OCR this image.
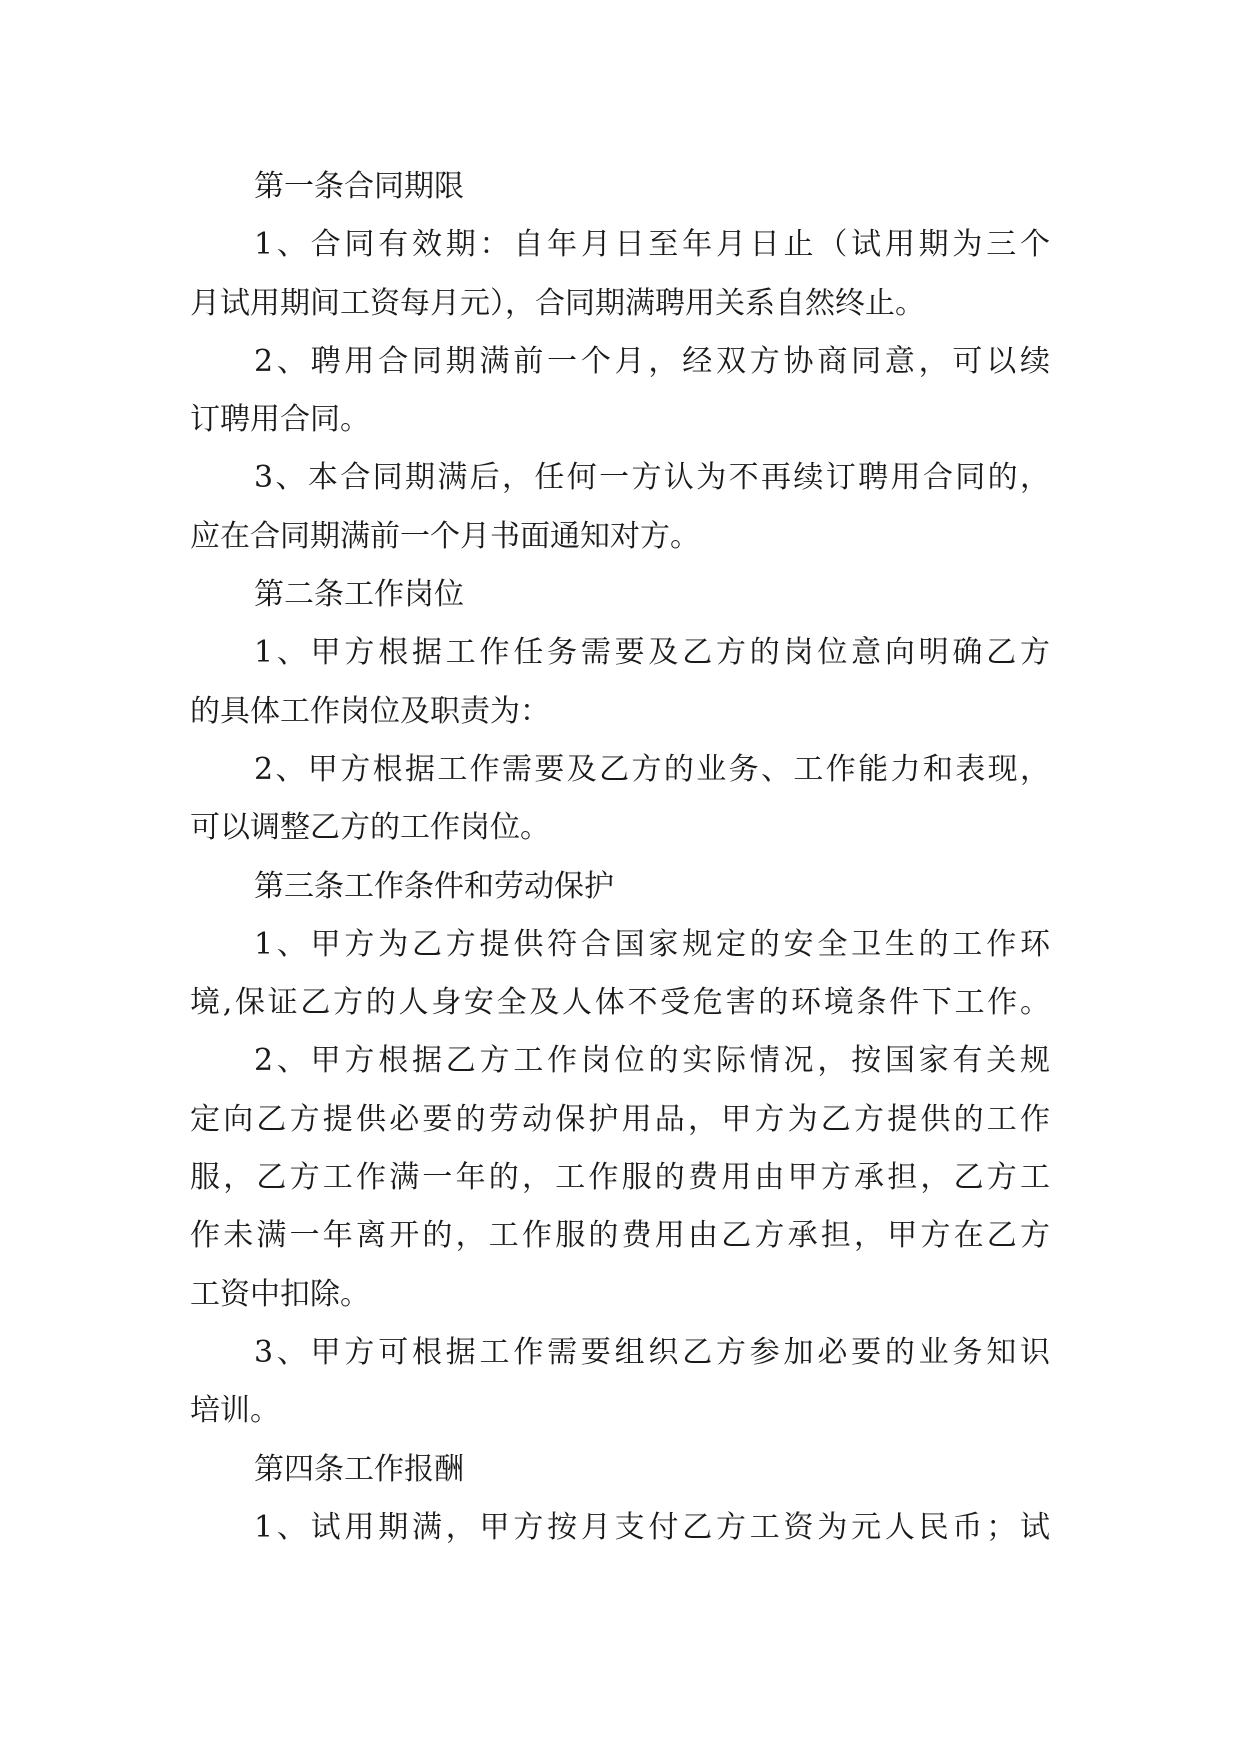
第一条合同期限
1、合同有效期：自年月日至年月日止（试用期为三个
月试用期间工资每月元），合同期满聘用关系自然终止。
2、聘用合同期满前一个月，经双方协商同意，可以续
订聘用合同。
3、本合同期满后，任何一方认为不再续订聘用合同的，
应在合同期满前一个月书面通知对方。
第二条工作岗位
1、甲方根据工作任务需要及乙方的岗位意向明确乙方
的具体工作岗位及职责为：
2、甲方根据工作需要及乙方的业务、工作能力和表现，
可以调整乙方的工作岗位。
第三条工作条件和劳动保护
1、甲方为乙方提供符合国家规定的安全卫生的工作环
境,保证乙方的人身安全及人体不受危害的环境条件下工作。
2、甲方根据乙方工作岗位的实际情况，按国家有关规
定向乙方提供必要的劳动保护用品，甲方为乙方提供的工作
服，乙方工作满一年的，工作服的费用由甲方承担，乙方工
作未满一年离开的，工作服的费用由乙方承担，甲方在乙方
工资中扣除。
3、甲方可根据工作需要组织乙方参加必要的业务知识
培训。
第四条工作报酬
1、试用期满，甲方按月支付乙方工资为元人民币；试
